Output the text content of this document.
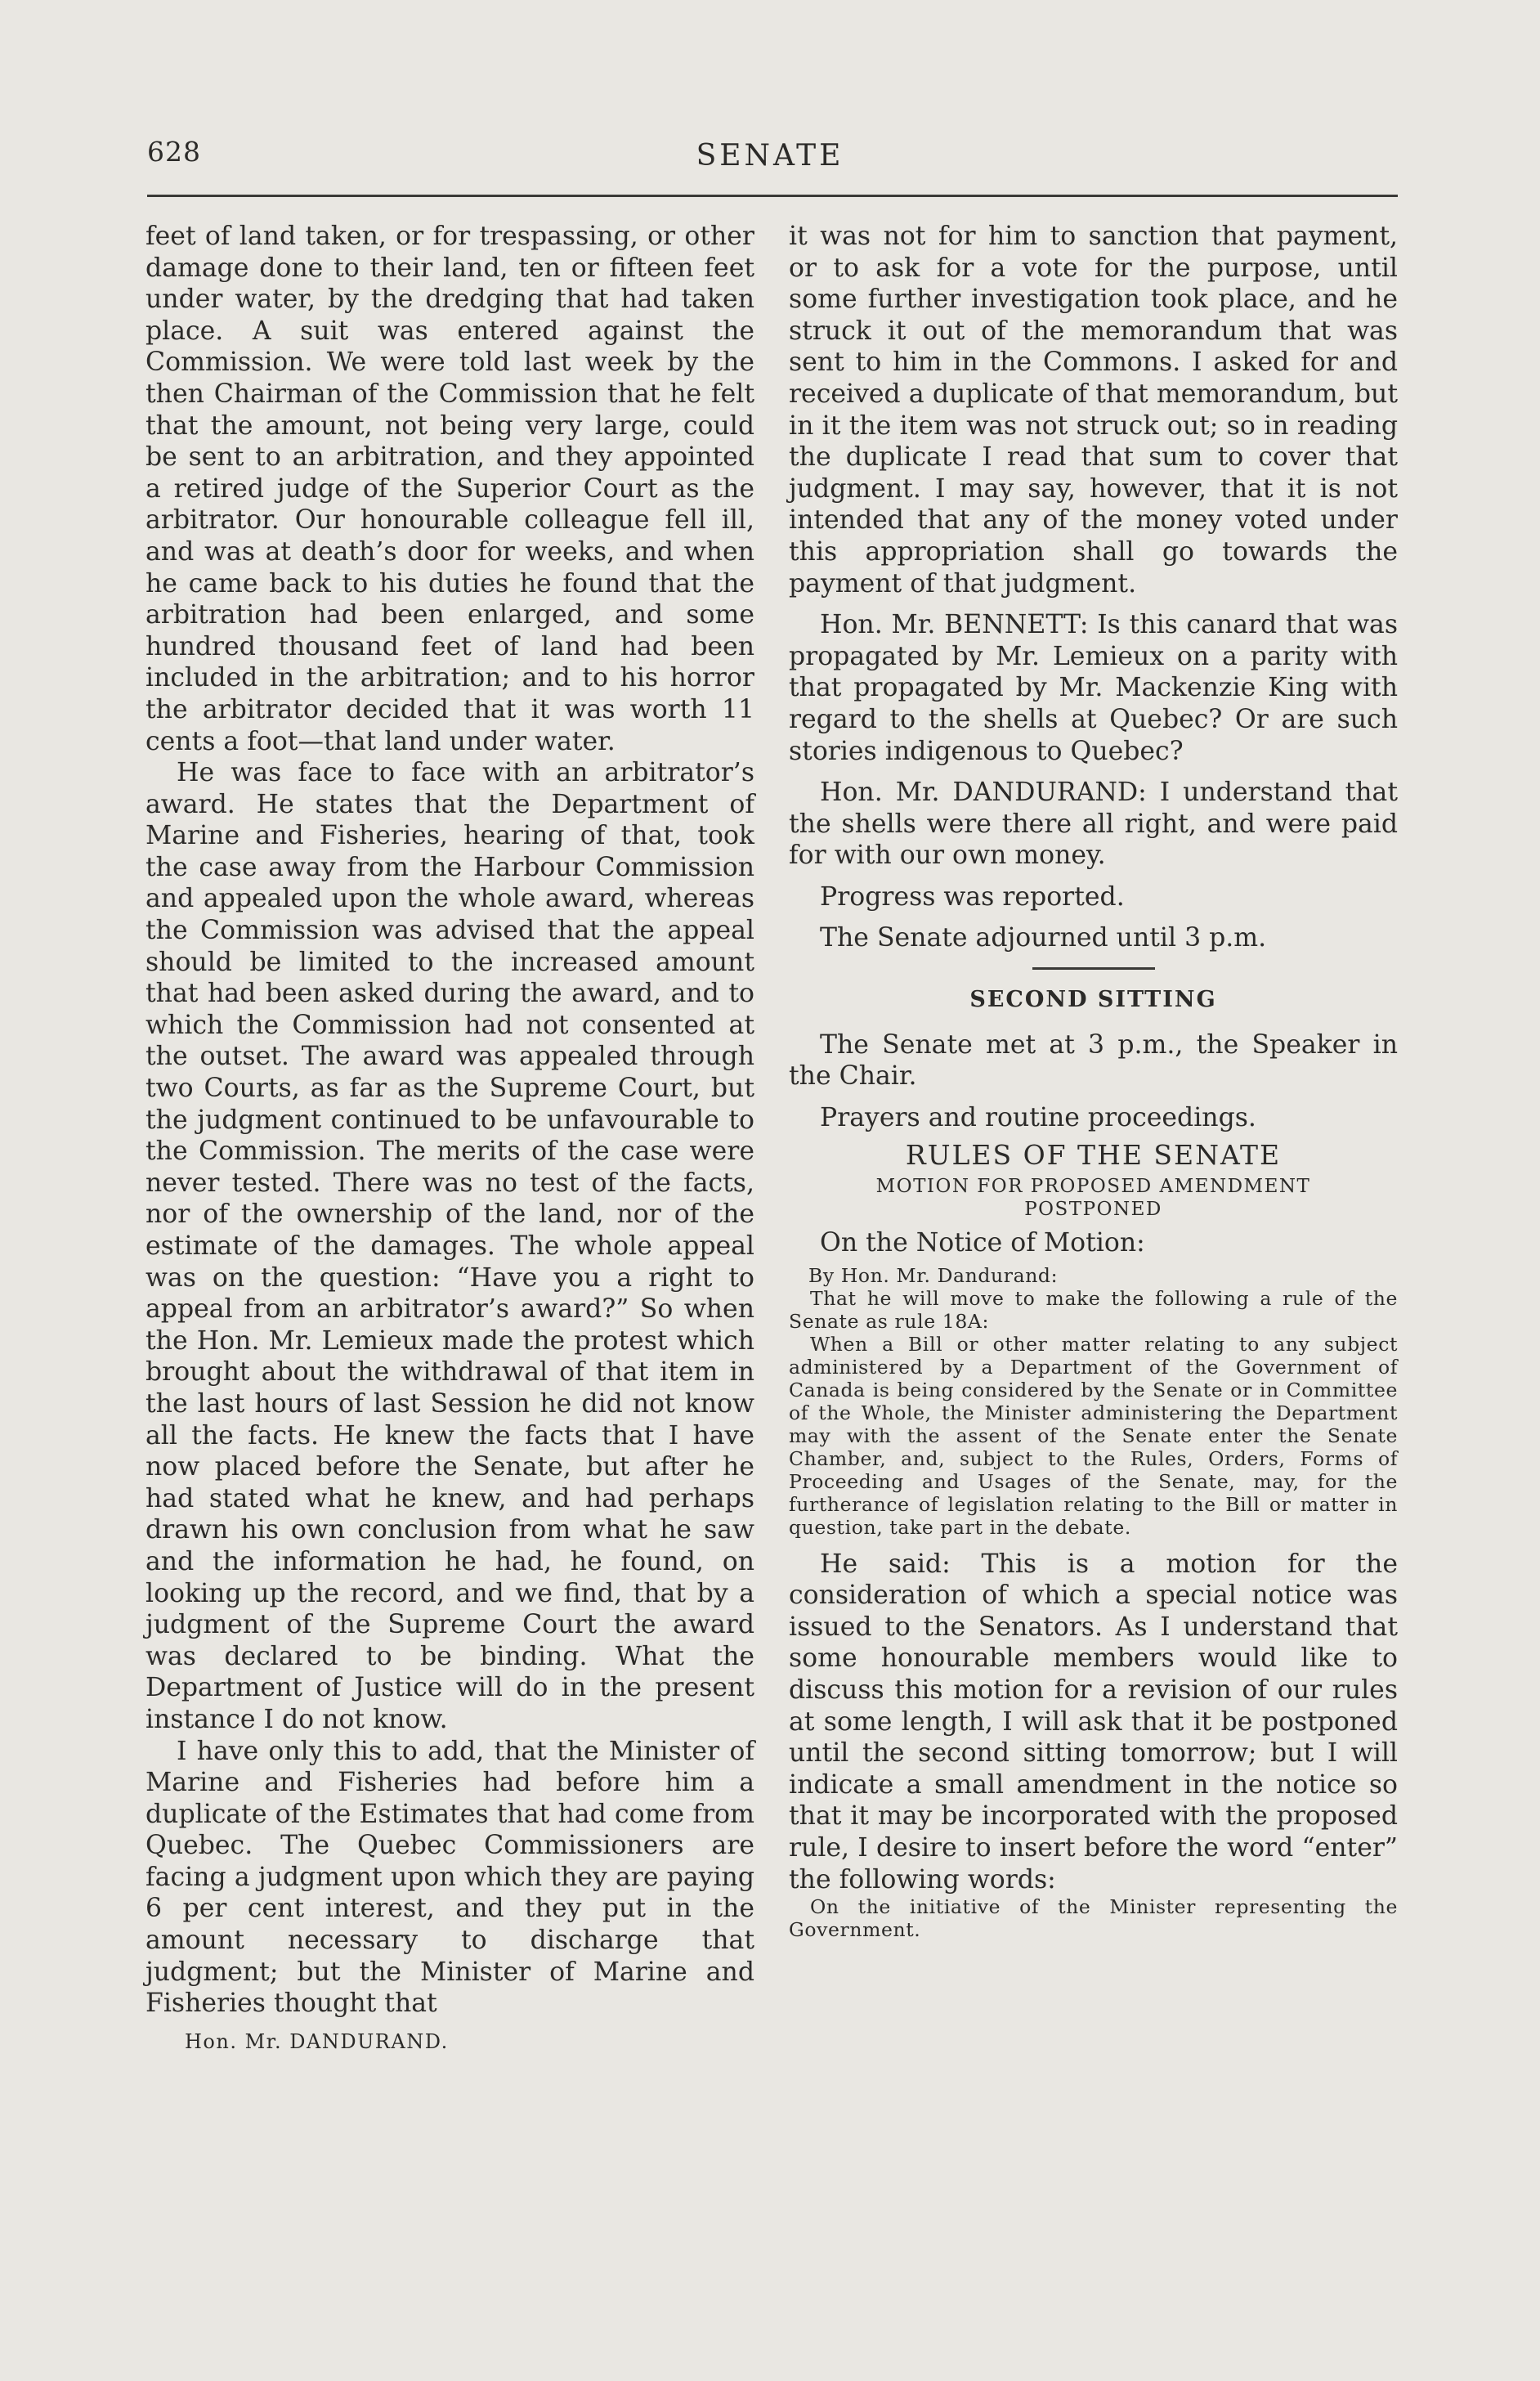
628	SENATE

feet of land taken, or for trespassing, or other damage done to their land, ten or fifteen feet under water, by the dredging that had taken place. A suit was entered against the Commission. We were told last week by the then Chairman of the Commission that he felt that the amount, not being very large, could be sent to an arbitration, and they appointed a retired judge of the Superior Court as the arbitrator. Our honourable colleague fell ill, and was at death’s door for weeks, and when he came back to his duties he found that the arbitration had been enlarged, and some hundred thousand feet of land had been included in the arbitration; and to his horror the arbitrator decided that it was worth 11 cents a foot—that land under water.

He was face to face with an arbitrator’s award. He states that the Department of Marine and Fisheries, hearing of that, took the case away from the Harbour Commission and appealed upon the whole award, whereas the Commission was advised that the appeal should be limited to the increased amount that had been asked during the award, and to which the Commission had not consented at the outset. The award was appealed through two Courts, as far as the Supreme Court, but the judgment continued to be unfavourable to the Commission. The merits of the case were never tested. There was no test of the facts, nor of the ownership of the land, nor of the estimate of the damages. The whole appeal was on the question: “Have you a right to appeal from an arbitrator’s award?” So when the Hon. Mr. Lemieux made the protest which brought about the withdrawal of that item in the last hours of last Session he did not know all the facts. He knew the facts that I have now placed before the Senate, but after he had stated what he knew, and had perhaps drawn his own conclusion from what he saw and the information he had, he found, on looking up the record, and we find, that by a judgment of the Supreme Court the award was declared to be binding. What the Department of Justice will do in the present instance I do not know.

I have only this to add, that the Minister of Marine and Fisheries had before him a duplicate of the Estimates that had come from Quebec. The Quebec Commissioners are facing a judgment upon which they are paying 6 per cent interest, and they put in the amount necessary to discharge that judgment; but the Minister of Marine and Fisheries thought that

Hon. Mr. DANDURAND.

it was not for him to sanction that payment, or to ask for a vote for the purpose, until some further investigation took place, and he struck it out of the memorandum that was sent to him in the Commons. I asked for and received a duplicate of that memorandum, but in it the item was not struck out; so in reading the duplicate I read that sum to cover that judgment. I may say, however, that it is not intended that any of the money voted under this appropriation shall go towards the payment of that judgment.

Hon. Mr. BENNETT: Is this canard that was propagated by Mr. Lemieux on a parity with that propagated by Mr. Mackenzie King with regard to the shells at Quebec? Or are such stories indigenous to Quebec?

Hon. Mr. DANDURAND: I understand that the shells were there all right, and were paid for with our own money.

Progress was reported.

The Senate adjourned until 3 p.m.

SECOND SITTING

The Senate met at 3 p.m., the Speaker in the Chair.

Prayers and routine proceedings.

RULES OF THE SENATE
MOTION FOR PROPOSED AMENDMENT POSTPONED

On the Notice of Motion:

By Hon. Mr. Dandurand:

That he will move to make the following a rule of the Senate as rule 18A:

When a Bill or other matter relating to any subject administered by a Department of the Government of Canada is being considered by the Senate or in Committee of the Whole, the Minister administering the Department may with the assent of the Senate enter the Senate Chamber, and, subject to the Rules, Orders, Forms of Proceeding and Usages of the Senate, may, for the furtherance of legislation relating to the Bill or matter in question, take part in the debate.

He said: This is a motion for the consideration of which a special notice was issued to the Senators. As I understand that some honourable members would like to discuss this motion for a revision of our rules at some length, I will ask that it be postponed until the second sitting tomorrow; but I will indicate a small amendment in the notice so that it may be incorporated with the proposed rule, I desire to insert before the word “enter” the following words:

On the initiative of the Minister representing the Government.
